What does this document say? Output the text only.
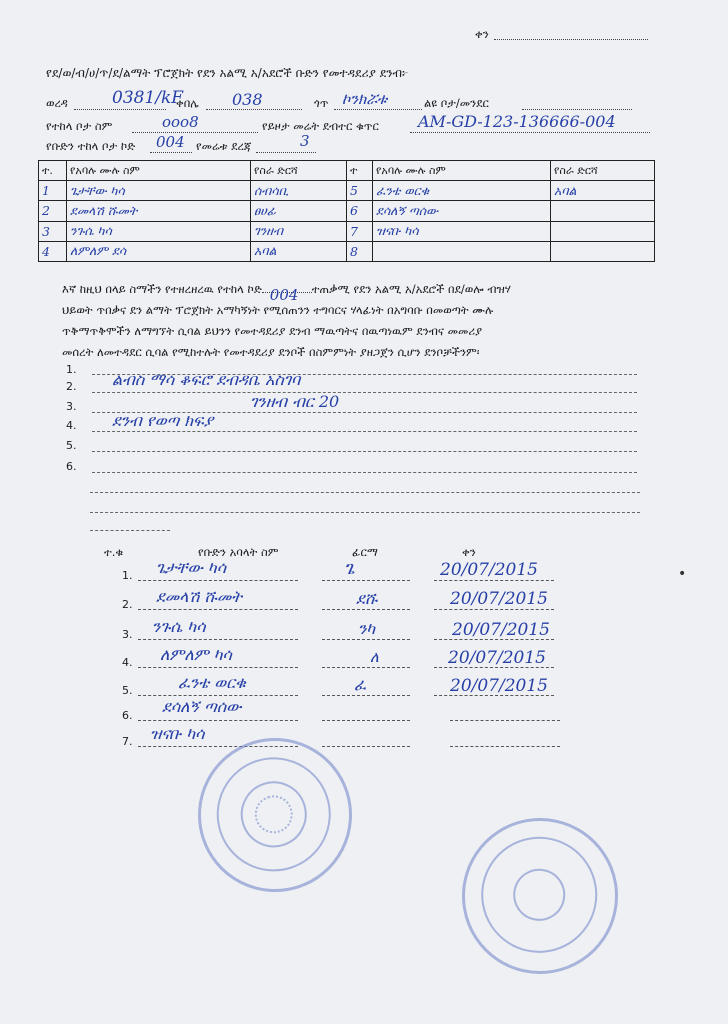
ቀን
የደ/ወ/ብ/ሀ/ጥ/ደ/ልማት ፕሮጀክት የደን አልሚ አ/አደሮች ቡድን የመተዳደሪያ ደንብ፦
ወረዳ	0381/kF
ቀበሌ 038	ጎጥ ኮንክሯቱ	ልዩ ቦታ/መንደር
የተከላ ቦታ ስም	ooo8	የይዞታ መሬት ደብተር ቁጥር AM-GD-123-136666-004
የቡድን ተከላ ቦታ ኮድ 004 የመሬቱ ደረጃ	3
ተ.	የአባሉ ሙሉ ስም	የስራ ድርሻ	ተ	የአባሉ ሙሉ ስም	የስራ ድርሻ
1	ጌታቸው ካሳ	ሰብሳቢ	5	ፈንቴ ወርቁ	አባል
2	ደመላሽ ሹመት	ፀሀፊ	6	ደሳለኝ ጣሰው	
3	ንጉሴ ካሳ	ገንዘብ	7	ዝናቡ ካሳ	
4	ለምለም ደሳ	አባል	8		
እኛ ከዚህ በላይ ስማችን የተዘረዘረዉ የተከላ ኮድ 004 ተጠቃሚ የደን አልሚ አ/አደሮች በደ/ወሎ ብዝሃ
ህይወት ጥበቃና ደን ልማት ፕሮጀክት አማካኝነት የሚሰጠንን ተግባርና ሃላፊነት በአግባቡ በመወጣት ሙሉ
ጥቅማጥቅሞችን ለማግኘት ሲባል ይህንን የመተዳደሪያ ደንብ ማዉጣትና በዉጣነዉም ደንብና መመሪያ
መሰረት ለመተዳደር ሲባል የሚከተሉት የመተዳደሪያ ደንቦች በስምምነት ያዘጋጀን ሲሆን ደንቦቻችንም፡
1.
2. ልብስ ማሳ ቆፍሮ ደብዳቤ አስገባ
3.	ገንዘብ ብር 20
4. ደንብ የወጣ ክፍያ
5.
6.
ተ.ቁ	የቡድን አባላት ስም	ፊርማ	ቀን
1. ጌታቸው ካሳ	ጌ	20/07/2015
2. ደመላሽ ሹመት	ደሹ	20/07/2015
3. ንጉሴ ካሳ	ንካ	20/07/2015
4. ለምለም ካሳ	ለ	20/07/2015
5.	ፈንቴ ወርቁ	ፈ	20/07/2015
6. ደሳለኝ ጣሰው
7. ዝናቡ ካሳ
•
